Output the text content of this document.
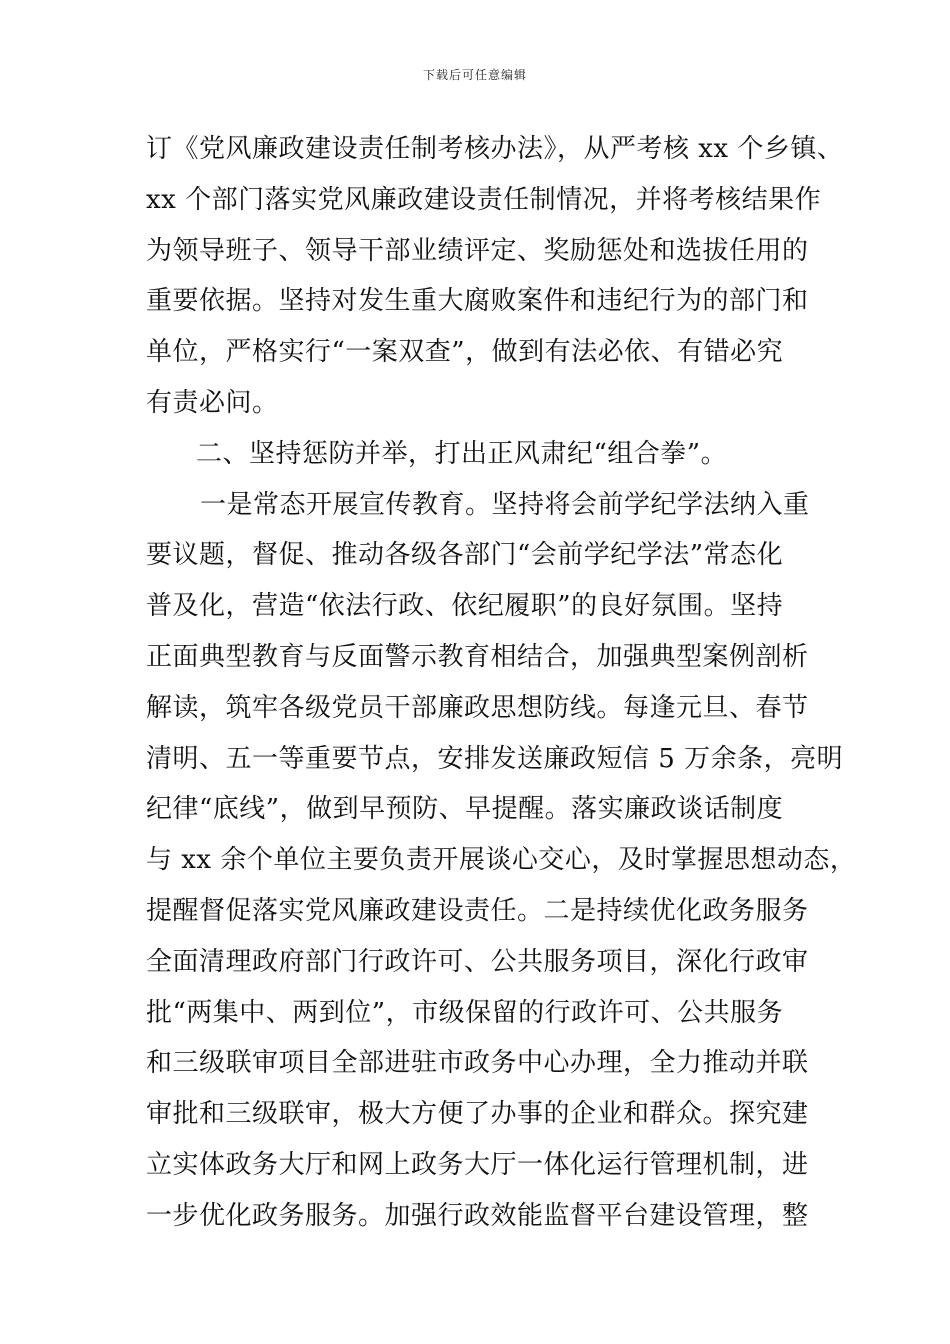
下载后可任意编辑
订《党风廉政建设责任制考核办法》，从严考核 xx 个乡镇、
xx 个部门落实党风廉政建设责任制情况，并将考核结果作
为领导班子、领导干部业绩评定、奖励惩处和选拔任用的
重要依据。坚持对发生重大腐败案件和违纪行为的部门和
单位，严格实行“一案双查”，做到有法必依、有错必究
有责必问。
二、坚持惩防并举，打出正风肃纪“组合拳”。
一是常态开展宣传教育。坚持将会前学纪学法纳入重
要议题，督促、推动各级各部门“会前学纪学法”常态化
普及化，营造“依法行政、依纪履职”的良好氛围。坚持
正面典型教育与反面警示教育相结合，加强典型案例剖析
解读，筑牢各级党员干部廉政思想防线。每逢元旦、春节
清明、五一等重要节点，安排发送廉政短信 5 万余条，亮明
纪律“底线”，做到早预防、早提醒。落实廉政谈话制度
与 xx 余个单位主要负责开展谈心交心，及时掌握思想动态，
提醒督促落实党风廉政建设责任。二是持续优化政务服务
全面清理政府部门行政许可、公共服务项目，深化行政审
批“两集中、两到位”，市级保留的行政许可、公共服务
和三级联审项目全部进驻市政务中心办理，全力推动并联
审批和三级联审，极大方便了办事的企业和群众。探究建
立实体政务大厅和网上政务大厅一体化运行管理机制，进
一步优化政务服务。加强行政效能监督平台建设管理，整
